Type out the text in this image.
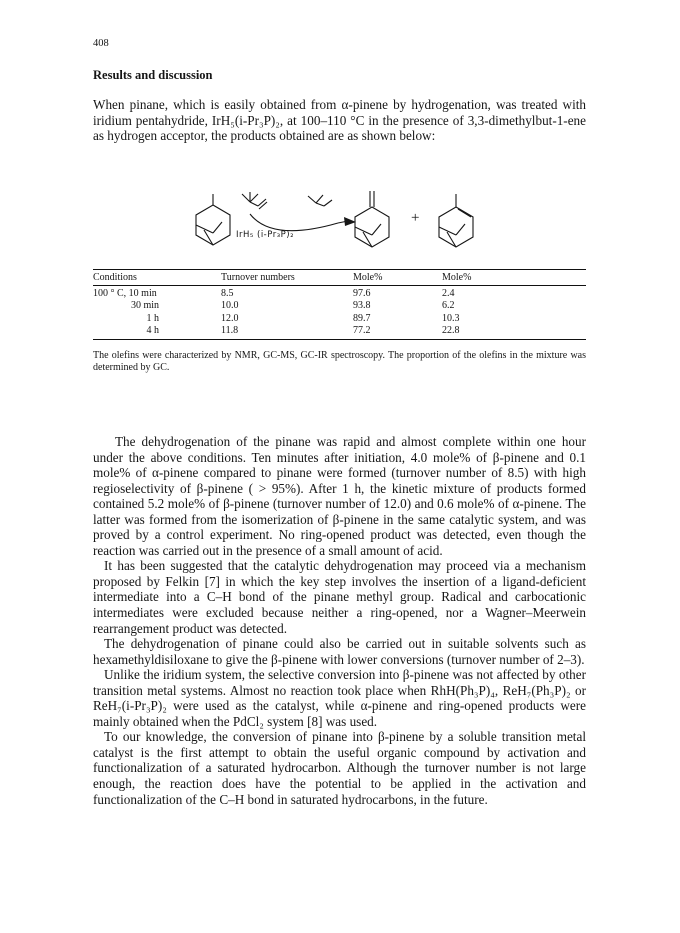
408
Results and discussion

When pinane, which is easily obtained from α-pinene by hydrogenation, was treated with iridium pentahydride, IrH₅(i-Pr₃P)₂, at 100–110 °C in the presence of 3,3-dimethylbut-1-ene as hydrogen acceptor, the products obtained are as shown below:

IrH₅ (i-Pr₃P)₂
+
Conditions	Turnover numbers	Mole%	Mole%
100 ° C, 10 min	8.5	97.6	2.4
30 min	10.0	93.8	6.2
1 h	12.0	89.7	10.3
4 h	11.8	77.2	22.8

The olefins were characterized by NMR, GC-MS, GC-IR spectroscopy. The proportion of the olefins in the mixture was determined by GC.

The dehydrogenation of the pinane was rapid and almost complete within one hour under the above conditions. Ten minutes after initiation, 4.0 mole% of β-pinene and 0.1 mole% of α-pinene compared to pinane were formed (turnover number of 8.5) with high regioselectivity of β-pinene ( > 95%). After 1 h, the kinetic mixture of products formed contained 5.2 mole% of β-pinene (turnover number of 12.0) and 0.6 mole% of α-pinene. The latter was formed from the isomerization of β-pinene in the same catalytic system, and was proved by a control experiment. No ring-opened product was detected, even though the reaction was carried out in the presence of a small amount of acid.

It has been suggested that the catalytic dehydrogenation may proceed via a mechanism proposed by Felkin [7] in which the key step involves the insertion of a ligand-deficient intermediate into a C–H bond of the pinane methyl group. Radical and carbocationic intermediates were excluded because neither a ring-opened, nor a Wagner–Meerwein rearrangement product was detected.

The dehydrogenation of pinane could also be carried out in suitable solvents such as hexamethyldisiloxane to give the β-pinene with lower conversions (turnover number of 2–3).

Unlike the iridium system, the selective conversion into β-pinene was not affected by other transition metal systems. Almost no reaction took place when RhH(Ph₃P)₄, ReH₇(Ph₃P)₂ or ReH₇(i-Pr₃P)₂ were used as the catalyst, while α-pinene and ring-opened products were mainly obtained when the PdCl₂ system [8] was used.

To our knowledge, the conversion of pinane into β-pinene by a soluble transition metal catalyst is the first attempt to obtain the useful organic compound by activation and functionalization of a saturated hydrocarbon. Although the turnover number is not large enough, the reaction does have the potential to be applied in the activation and functionalization of the C–H bond in saturated hydrocarbons, in the future.
